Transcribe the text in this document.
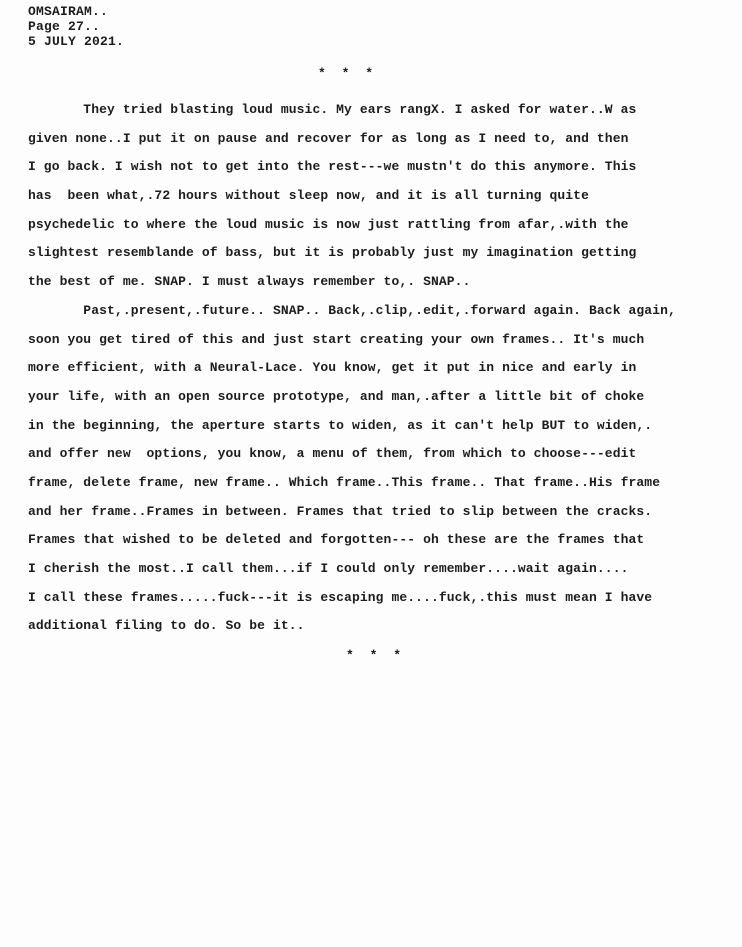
OMSAIRAM..
Page 27..
5 JULY 2021.
* * *
They tried blasting loud music. My ears rangX. I asked for water..W as
given none..I put it on pause and recover for as long as I need to, and then
I go back. I wish not to get into the rest---we mustn't do this anymore. This
has  been what,.72 hours without sleep now, and it is all turning quite
psychedelic to where the loud music is now just rattling from afar,.with the
slightest resemblande of bass, but it is probably just my imagination getting
the best of me. SNAP. I must always remember to,. SNAP..
Past,.present,.future.. SNAP.. Back,.clip,.edit,.forward again. Back again,
soon you get tired of this and just start creating your own frames.. It's much
more efficient, with a Neural-Lace. You know, get it put in nice and early in
your life, with an open source prototype, and man,.after a little bit of choke
in the beginning, the aperture starts to widen, as it can't help BUT to widen,.
and offer new  options, you know, a menu of them, from which to choose---edit
frame, delete frame, new frame.. Which frame..This frame.. That frame..His frame
and her frame..Frames in between. Frames that tried to slip between the cracks.
Frames that wished to be deleted and forgotten--- oh these are the frames that
I cherish the most..I call them...if I could only remember....wait again....
I call these frames.....fuck---it is escaping me....fuck,.this must mean I have
additional filing to do. So be it..
* * *
